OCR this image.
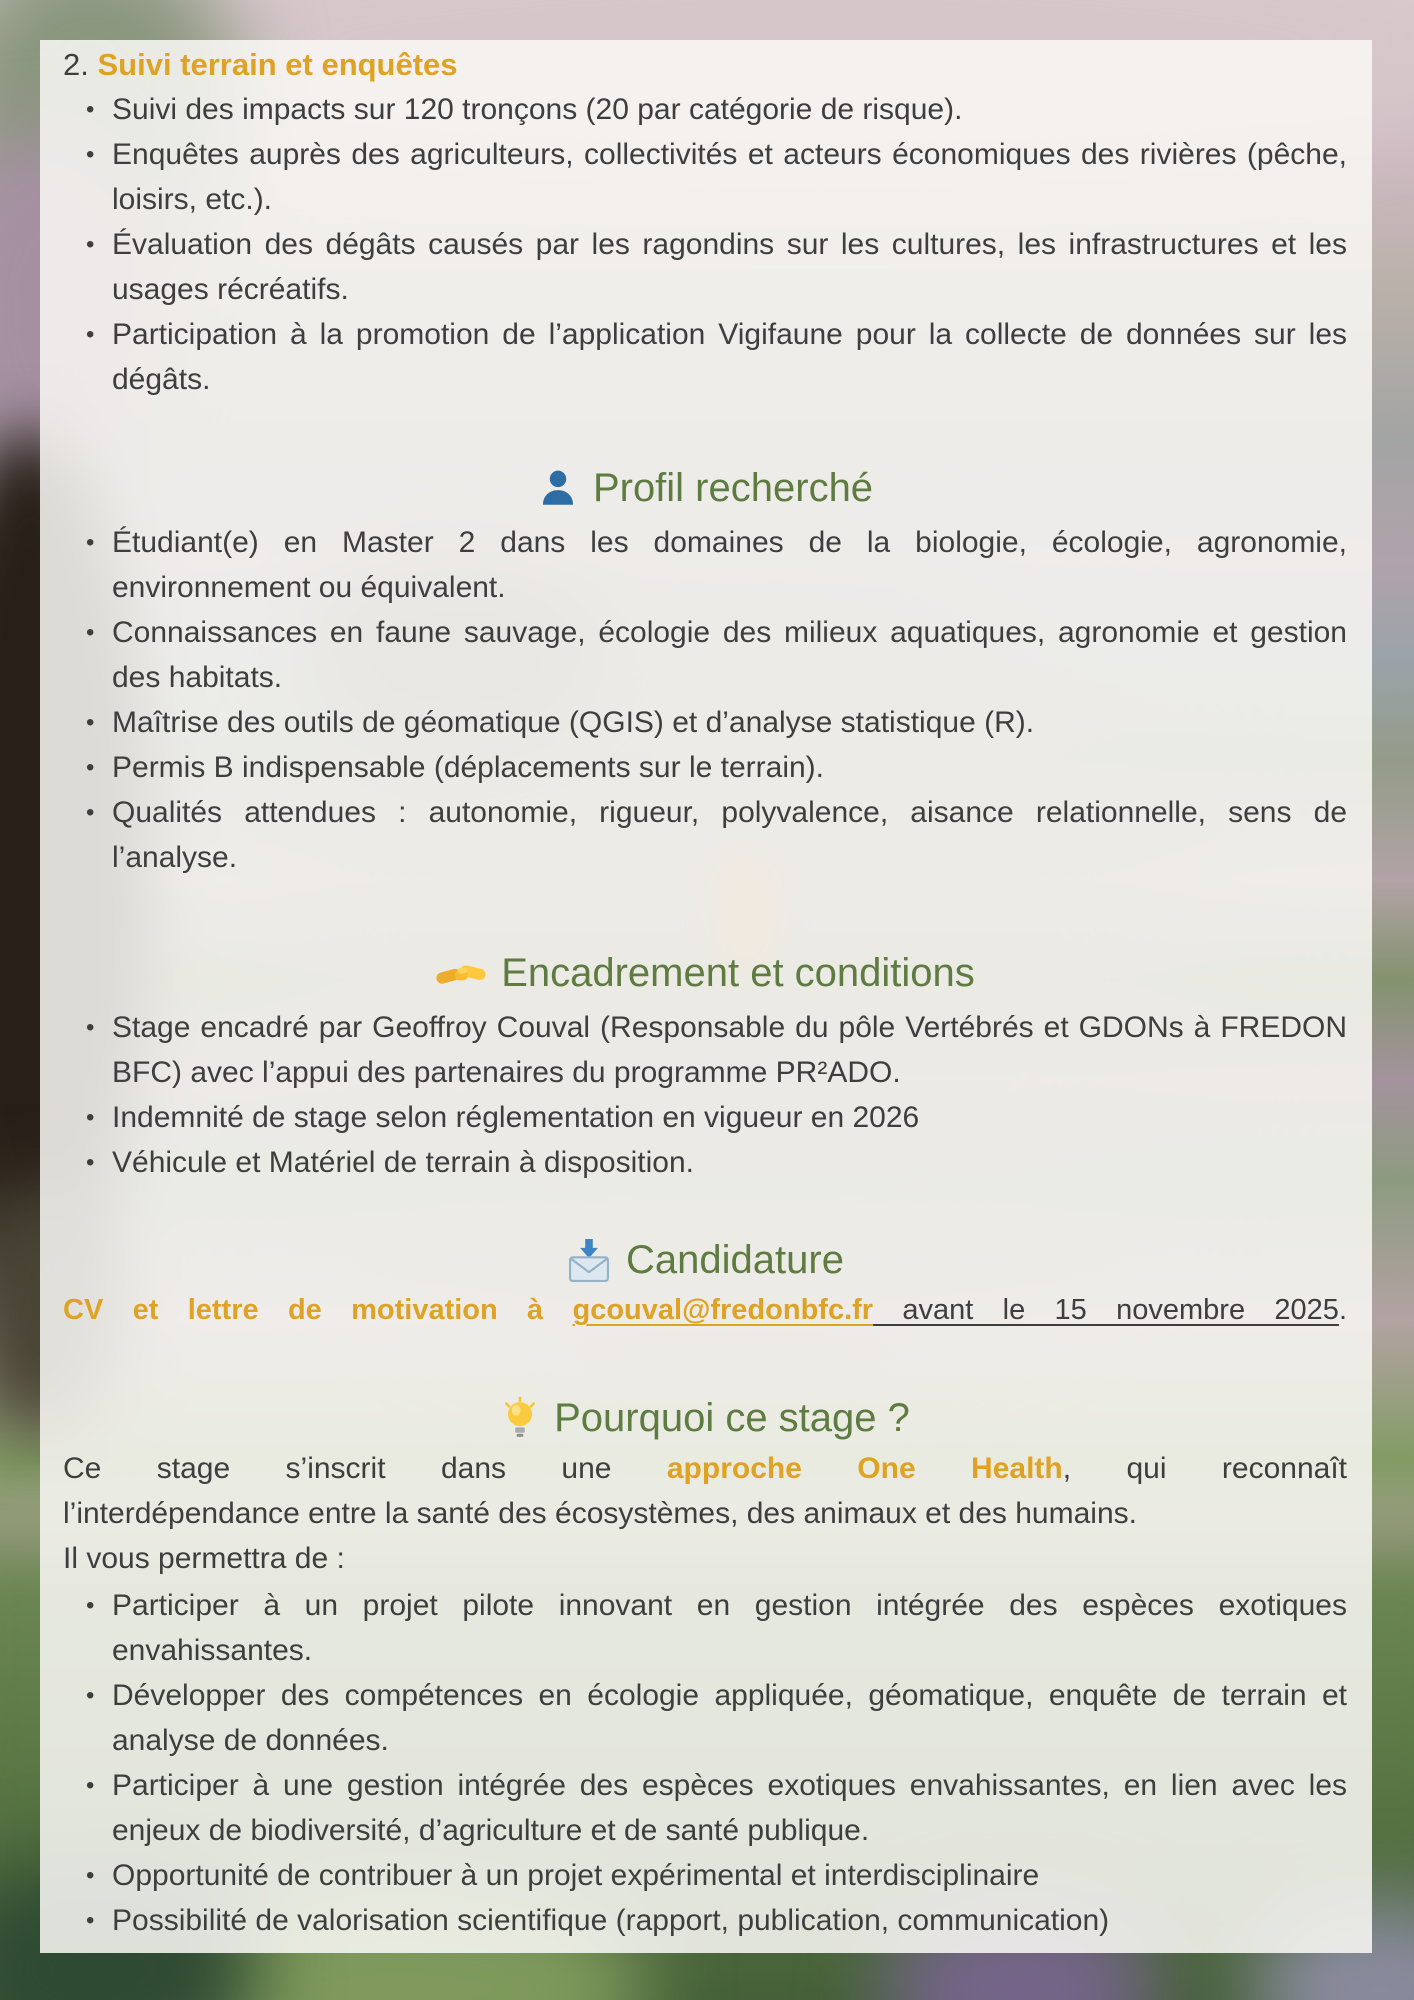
2. Suivi terrain et enquêtes
• Suivi des impacts sur 120 tronçons (20 par catégorie de risque).
• Enquêtes auprès des agriculteurs, collectivités et acteurs économiques des rivières (pêche, loisirs, etc.).
• Évaluation des dégâts causés par les ragondins sur les cultures, les infrastructures et les usages récréatifs.
• Participation à la promotion de l’application Vigifaune pour la collecte de données sur les dégâts.
Profil recherché
• Étudiant(e) en Master 2 dans les domaines de la biologie, écologie, agronomie, environnement ou équivalent.
• Connaissances en faune sauvage, écologie des milieux aquatiques, agronomie et gestion des habitats.
• Maîtrise des outils de géomatique (QGIS) et d’analyse statistique (R).
• Permis B indispensable (déplacements sur le terrain).
• Qualités attendues : autonomie, rigueur, polyvalence, aisance relationnelle, sens de l’analyse.
Encadrement et conditions
• Stage encadré par Geoffroy Couval (Responsable du pôle Vertébrés et GDONs à FREDON BFC) avec l’appui des partenaires du programme PR²ADO.
• Indemnité de stage selon réglementation en vigueur en 2026
• Véhicule et Matériel de terrain à disposition.
Candidature

CV et lettre de motivation à gcouval@fredonbfc.fr avant le 15 novembre 2025.

Pourquoi ce stage ?

Ce stage s’inscrit dans une approche One Health, qui reconnaît

l’interdépendance entre la santé des écosystèmes, des animaux et des humains.

Il vous permettra de :

• Participer à un projet pilote innovant en gestion intégrée des espèces exotiques envahissantes.
• Développer des compétences en écologie appliquée, géomatique, enquête de terrain et analyse de données.
• Participer à une gestion intégrée des espèces exotiques envahissantes, en lien avec les enjeux de biodiversité, d’agriculture et de santé publique.
• Opportunité de contribuer à un projet expérimental et interdisciplinaire
• Possibilité de valorisation scientifique (rapport, publication, communication)
